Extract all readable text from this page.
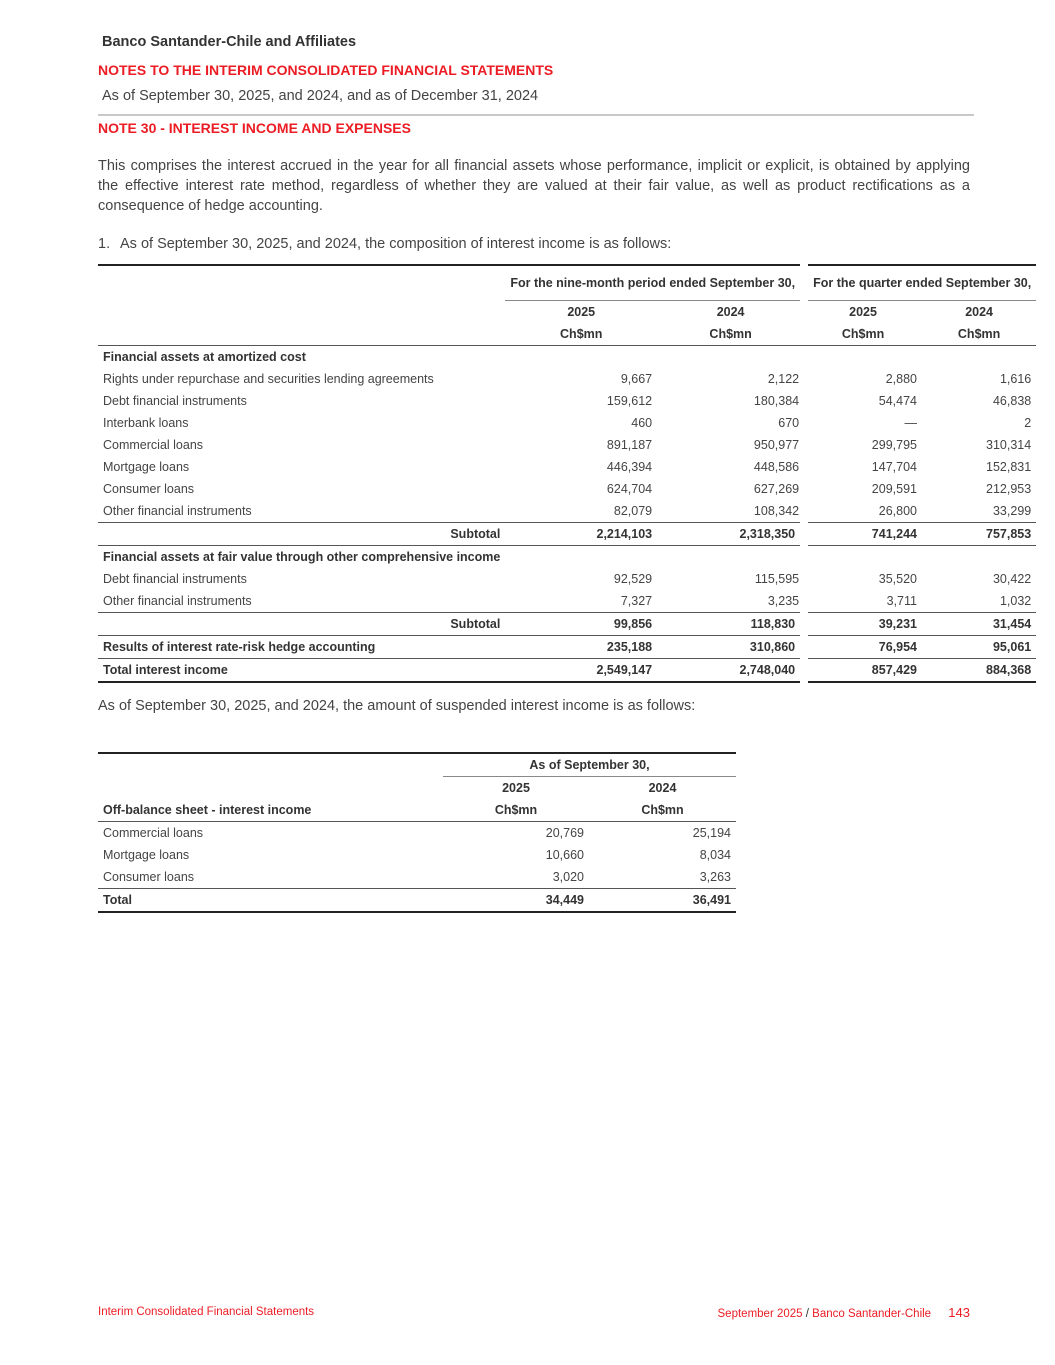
Banco Santander-Chile and Affiliates
NOTES TO THE INTERIM CONSOLIDATED FINANCIAL STATEMENTS
As of September 30, 2025, and 2024, and as of December 31, 2024
NOTE 30 - INTEREST INCOME AND EXPENSES
This comprises the interest accrued in the year for all financial assets whose performance, implicit or explicit, is obtained by applying the effective interest rate method, regardless of whether they are valued at their fair value, as well as product rectifications as a consequence of hedge accounting.
1. As of September 30, 2025, and 2024, the composition of interest income is as follows:
	For the nine-month period ended September 30,		For the quarter ended September 30,	
	2025	2024	2025	2024
	Ch$mn	Ch$mn	Ch$mn	Ch$mn
Financial assets at amortized cost				
Rights under repurchase and securities lending agreements	9,667	2,122	2,880	1,616
Debt financial instruments	159,612	180,384	54,474	46,838
Interbank loans	460	670	—	2
Commercial loans	891,187	950,977	299,795	310,314
Mortgage loans	446,394	448,586	147,704	152,831
Consumer loans	624,704	627,269	209,591	212,953
Other financial instruments	82,079	108,342	26,800	33,299
Subtotal	2,214,103	2,318,350	741,244	757,853
Financial assets at fair value through other comprehensive income				
Debt financial instruments	92,529	115,595	35,520	30,422
Other financial instruments	7,327	3,235	3,711	1,032
Subtotal	99,856	118,830	39,231	31,454
Results of interest rate-risk hedge accounting	235,188	310,860	76,954	95,061
Total interest income	2,549,147	2,748,040	857,429	884,368
As of September 30, 2025, and 2024, the amount of suspended interest income is as follows:
	As of September 30,	
	2025	2024
Off-balance sheet - interest income	Ch$mn	Ch$mn
Commercial loans	20,769	25,194
Mortgage loans	10,660	8,034
Consumer loans	3,020	3,263
Total	34,449	36,491
Interim Consolidated Financial Statements	September 2025 / Banco Santander-Chile 143
